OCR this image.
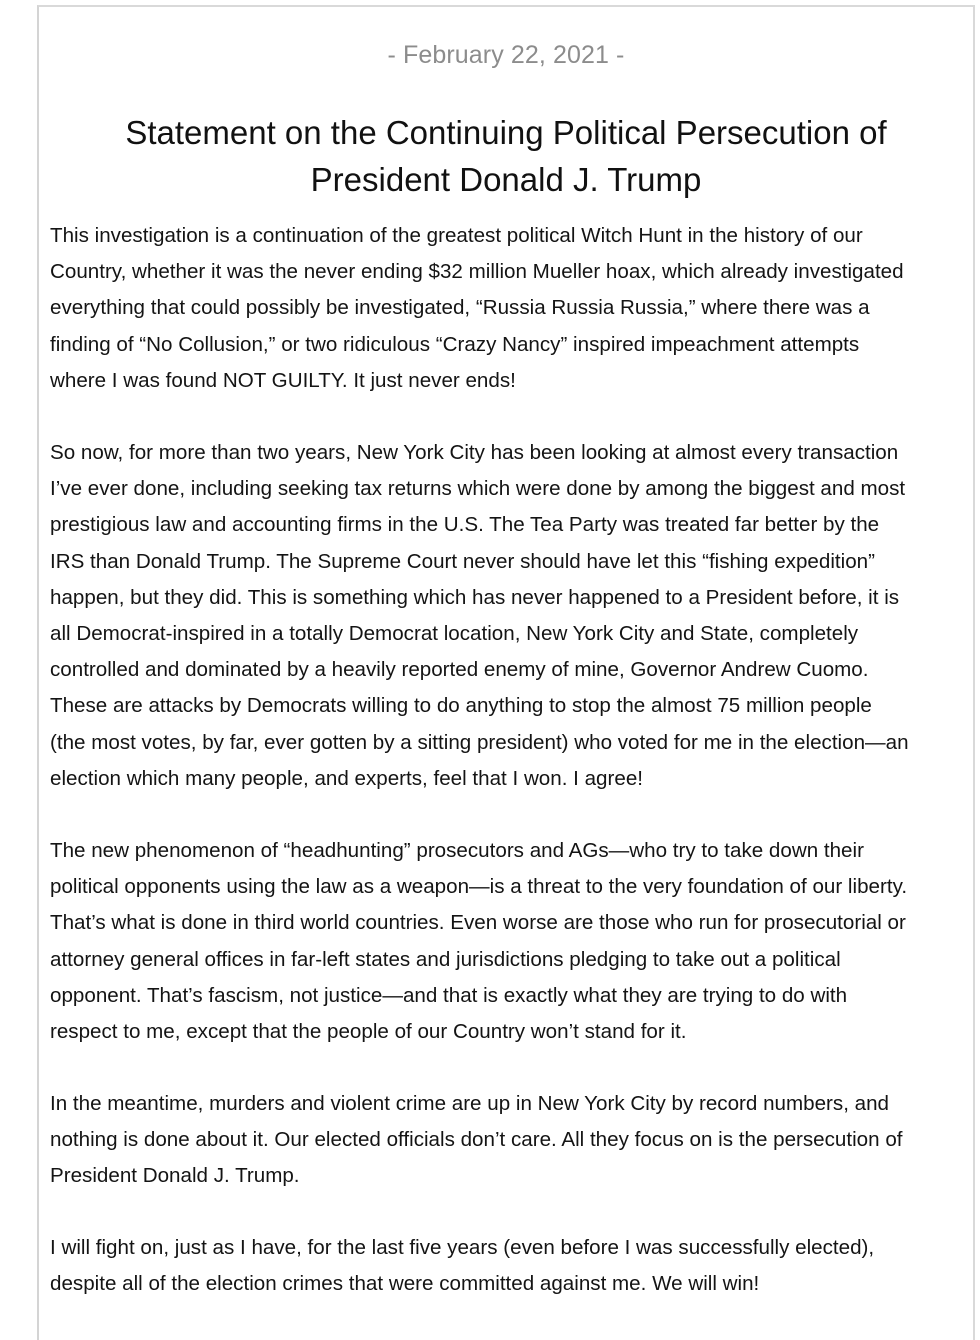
- February 22, 2021 -
Statement on the Continuing Political Persecution of
President Donald J. Trump
This investigation is a continuation of the greatest political Witch Hunt in the history of our
Country, whether it was the never ending $32 million Mueller hoax, which already investigated
everything that could possibly be investigated, “Russia Russia Russia,” where there was a
finding of “No Collusion,” or two ridiculous “Crazy Nancy” inspired impeachment attempts
where I was found NOT GUILTY. It just never ends!
So now, for more than two years, New York City has been looking at almost every transaction
I’ve ever done, including seeking tax returns which were done by among the biggest and most
prestigious law and accounting firms in the U.S. The Tea Party was treated far better by the
IRS than Donald Trump. The Supreme Court never should have let this “fishing expedition”
happen, but they did. This is something which has never happened to a President before, it is
all Democrat-inspired in a totally Democrat location, New York City and State, completely
controlled and dominated by a heavily reported enemy of mine, Governor Andrew Cuomo.
These are attacks by Democrats willing to do anything to stop the almost 75 million people
(the most votes, by far, ever gotten by a sitting president) who voted for me in the election—an
election which many people, and experts, feel that I won. I agree!
The new phenomenon of “headhunting” prosecutors and AGs—who try to take down their
political opponents using the law as a weapon—is a threat to the very foundation of our liberty.
That’s what is done in third world countries. Even worse are those who run for prosecutorial or
attorney general offices in far-left states and jurisdictions pledging to take out a political
opponent. That’s fascism, not justice—and that is exactly what they are trying to do with
respect to me, except that the people of our Country won’t stand for it.
In the meantime, murders and violent crime are up in New York City by record numbers, and
nothing is done about it. Our elected officials don’t care. All they focus on is the persecution of
President Donald J. Trump.
I will fight on, just as I have, for the last five years (even before I was successfully elected),
despite all of the election crimes that were committed against me. We will win!
